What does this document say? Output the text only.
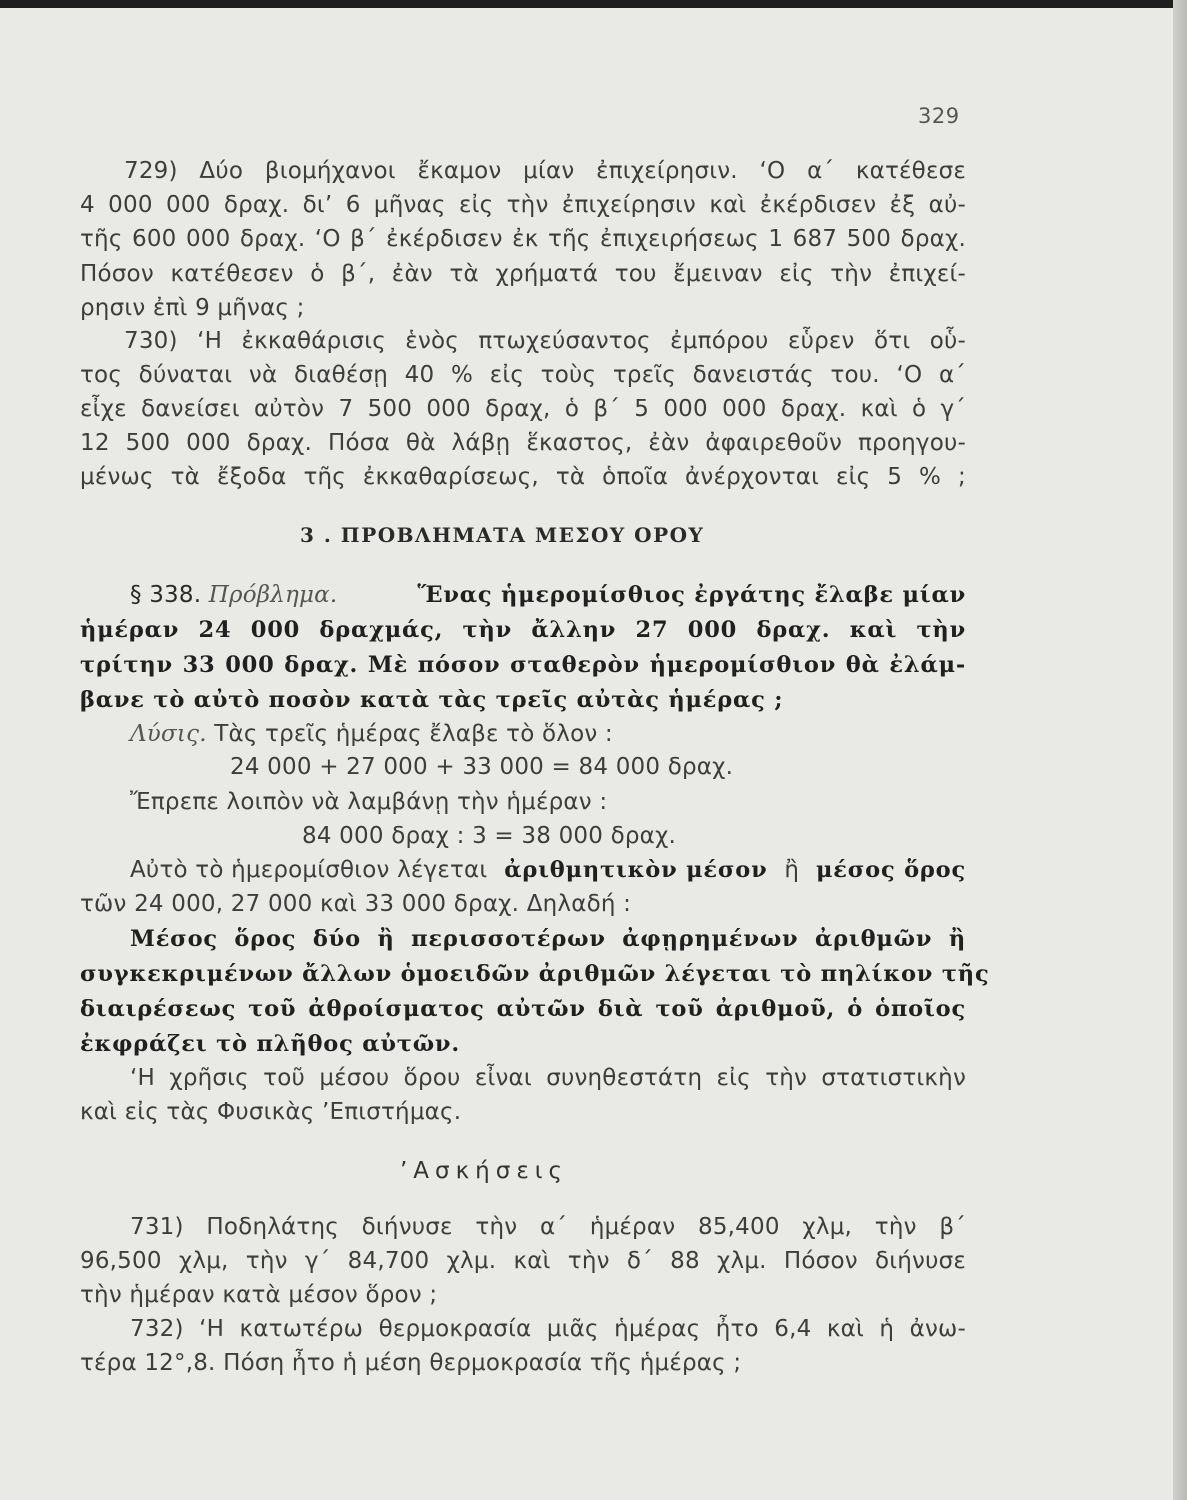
329

729) Δύο βιομήχανοι ἔκαμον μίαν ἐπιχείρησιν. ‘Ο α΄ κατέθεσε

4 000 000 δραχ. δι’ 6 μῆνας εἰς τὴν ἐπιχείρησιν καὶ ἐκέρδισεν ἐξ αὐ-

τῆς 600 000 δραχ. ‘Ο β΄ ἐκέρδισεν ἐκ τῆς ἐπιχειρήσεως 1 687 500 δραχ.

Πόσον κατέθεσεν ὁ β΄, ἐὰν τὰ χρήματά του ἔμειναν εἰς τὴν ἐπιχεί-

ρησιν ἐπὶ 9 μῆνας ;

730) ‘Η ἐκκαθάρισις ἑνὸς πτωχεύσαντος ἐμπόρου εὗρεν ὅτι οὗ-

τος δύναται νὰ διαθέσῃ 40 % εἰς τοὺς τρεῖς δανειστάς του. ‘Ο α΄

εἶχε δανείσει αὐτὸν 7 500 000 δραχ, ὁ β΄ 5 000 000 δραχ. καὶ ὁ γ΄

12 500 000 δραχ. Πόσα θὰ λάβῃ ἕκαστος, ἐὰν ἀφαιρεθοῦν προηγου-

μένως τὰ ἔξοδα τῆς ἐκκαθαρίσεως, τὰ ὁποῖα ἀνέρχονται εἰς 5 % ;

3 . ΠΡΟΒΛΗΜΑΤΑ ΜΕΣΟΥ ΟΡΟΥ

§ 338. Πρόβλημα.	Ἕνας ἡμερομίσθιος ἐργάτης ἔλαβε μίαν

ἡμέραν 24 000 δραχμάς, τὴν ἄλλην 27 000 δραχ. καὶ τὴν

τρίτην 33 000 δραχ. Μὲ πόσον σταθερὸν ἡμερομίσθιον θὰ ἐλάμ-

βανε τὸ αὐτὸ ποσὸν κατὰ τὰς τρεῖς αὐτὰς ἡμέρας ;

Λύσις. Τὰς τρεῖς ἡμέρας ἔλαβε τὸ ὅλον :

24 000 + 27 000 + 33 000 = 84 000 δραχ.

Ἔπρεπε λοιπὸν νὰ λαμβάνῃ τὴν ἡμέραν :

84 000 δραχ : 3 = 38 000 δραχ.

Αὐτὸ τὸ ἡμερομίσθιον λέγεται ἀριθμητικὸν μέσον ἢ μέσος ὅρος

τῶν 24 000, 27 000 καὶ 33 000 δραχ. Δηλαδή :

Μέσος ὅρος δύο ἢ περισσοτέρων ἀφῃρημένων ἀριθμῶν ἢ

συγκεκριμένων ἄλλων ὁμοειδῶν ἀριθμῶν λέγεται τὸ πηλίκον τῆς

διαιρέσεως τοῦ ἀθροίσματος αὐτῶν διὰ τοῦ ἀριθμοῦ, ὁ ὁποῖος

ἐκφράζει τὸ πλῆθος αὐτῶν.

‘Η χρῆσις τοῦ μέσου ὅρου εἶναι συνηθεστάτη εἰς τὴν στατιστικὴν

καὶ εἰς τὰς Φυσικὰς ’Επιστήμας.

’Ασκήσεις

731) Ποδηλάτης διήνυσε τὴν α΄ ἡμέραν 85,400 χλμ, τὴν β΄

96,500 χλμ, τὴν γ΄ 84,700 χλμ. καὶ τὴν δ΄ 88 χλμ. Πόσον διήνυσε

τὴν ἡμέραν κατὰ μέσον ὅρον ;

732) ‘Η κατωτέρω θερμοκρασία μιᾶς ἡμέρας ἦτο 6,4 καὶ ἡ ἀνω-

τέρα 12°,8. Πόση ἦτο ἡ μέση θερμοκρασία τῆς ἡμέρας ;
